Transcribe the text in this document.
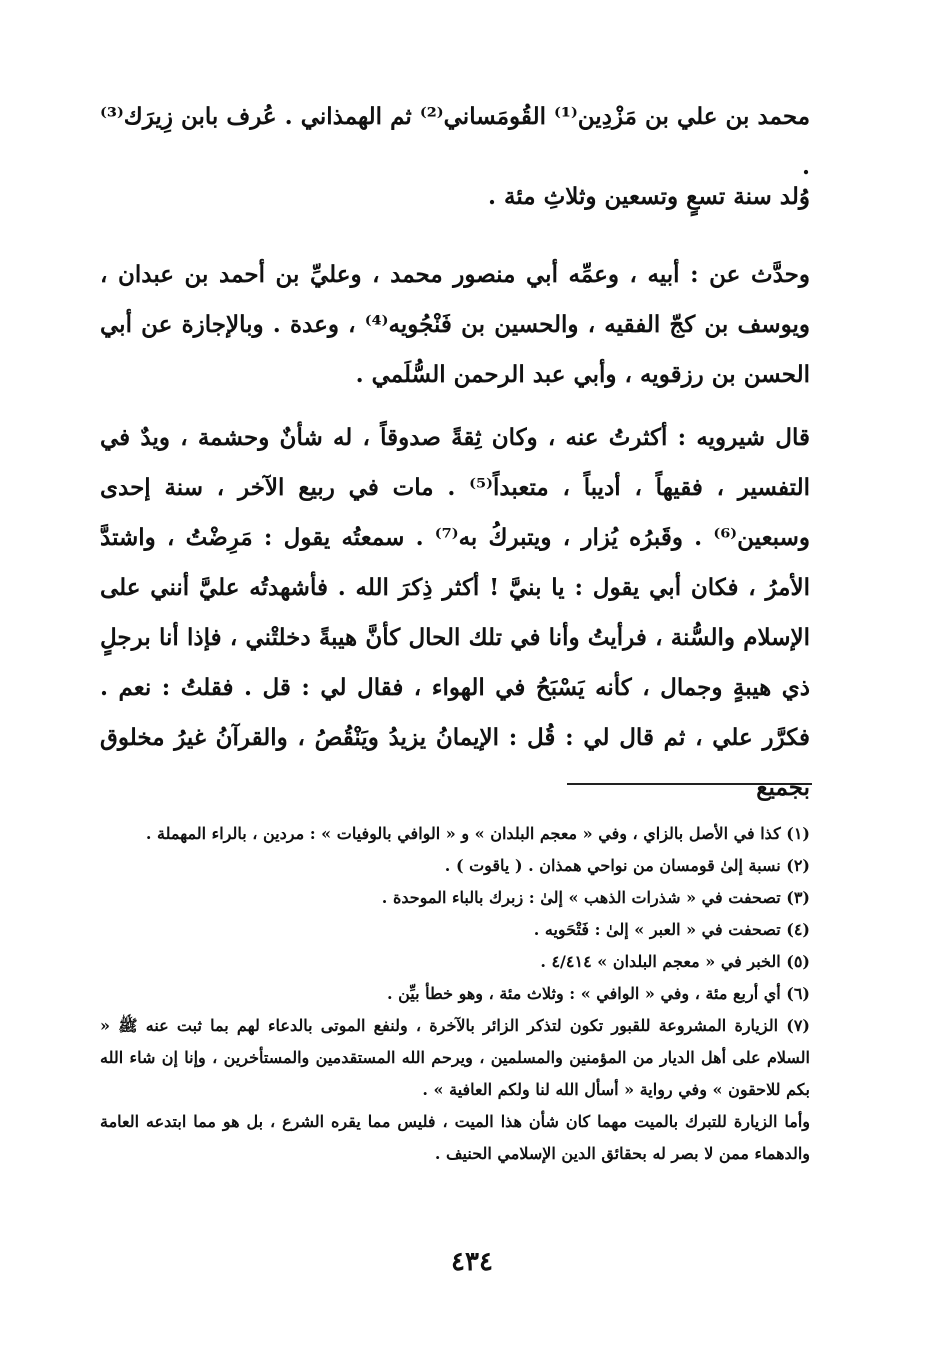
محمد بن علي بن مَزْدِين⁽¹⁾ القُومَساني⁽²⁾ ثم الهمذاني . عُرف بابن زِيرَك⁽³⁾ .

وُلد سنة تسعٍ وتسعين وثلاثِ مئة .

وحدَّث عن : أبيه ، وعمِّه أبي منصور محمد ، وعليِّ بن أحمد بن عبدان ، ويوسف بن كجّ الفقيه ، والحسين بن فَنْجُويه⁽⁴⁾ ، وعدة . وبالإجازة عن أبي الحسن بن رزقويه ، وأبي عبد الرحمن السُّلَمي .

قال شيرويه : أكثرتُ عنه ، وكان ثِقةً صدوقاً ، له شأنٌ وحشمة ، ويدٌ في التفسير ، فقيهاً ، أديباً ، متعبداً⁽⁵⁾ . مات في ربيع الآخر ، سنة إحدى وسبعين⁽⁶⁾ . وقَبرُه يُزار ، ويتبركُ به⁽⁷⁾ . سمعتُه يقول : مَرِضْتُ ، واشتدَّ الأمرُ ، فكان أبي يقول : يا بنيَّ ! أكثر ذِكرَ الله . فأشهدتُه عليَّ أنني على الإسلام والسُّنة ، فرأيتُ وأنا في تلك الحال كأنَّ هيبةً دخلتْني ، فإذا أنا برجلٍ ذي هيبةٍ وجمال ، كأنه يَسْبَحُ في الهواء ، فقال لي : قل . فقلتُ : نعم . فكرَّر علي ، ثم قال لي : قُل : الإيمانُ يزيدُ ويَنْقُصُ ، والقرآنُ غيرُ مخلوق بجميع

(١) كذا في الأصل بالزاي ، وفي « معجم البلدان » و « الوافي بالوفيات » : مردين ، بالراء المهملة .

(٢) نسبة إلىٰ قومسان من نواحي همذان . ( ياقوت ) .

(٣) تصحفت في « شذرات الذهب » إلىٰ : زبرك بالباء الموحدة .

(٤) تصحفت في « العبر » إلىٰ : فَتْحَويه .

(٥) الخبر في « معجم البلدان » ٤/٤١٤ .

(٦) أي أربع مئة ، وفي « الوافي » : وثلاث مئة ، وهو خطأ بيِّن .

(٧) الزيارة المشروعة للقبور تكون لتذكر الزائر بالآخرة ، ولنفع الموتى بالدعاء لهم بما ثبت عنه ﷺ « السلام على أهل الديار من المؤمنين والمسلمين ، ويرحم الله المستقدمين والمستأخرين ، وإنا إن شاء الله بكم للاحقون » وفي رواية « أسأل الله لنا ولكم العافية » .

وأما الزيارة للتبرك بالميت مهما كان شأن هذا الميت ، فليس مما يقره الشرع ، بل هو مما ابتدعه العامة والدهماء ممن لا بصر له بحقائق الدين الإسلامي الحنيف .

٤٣٤
